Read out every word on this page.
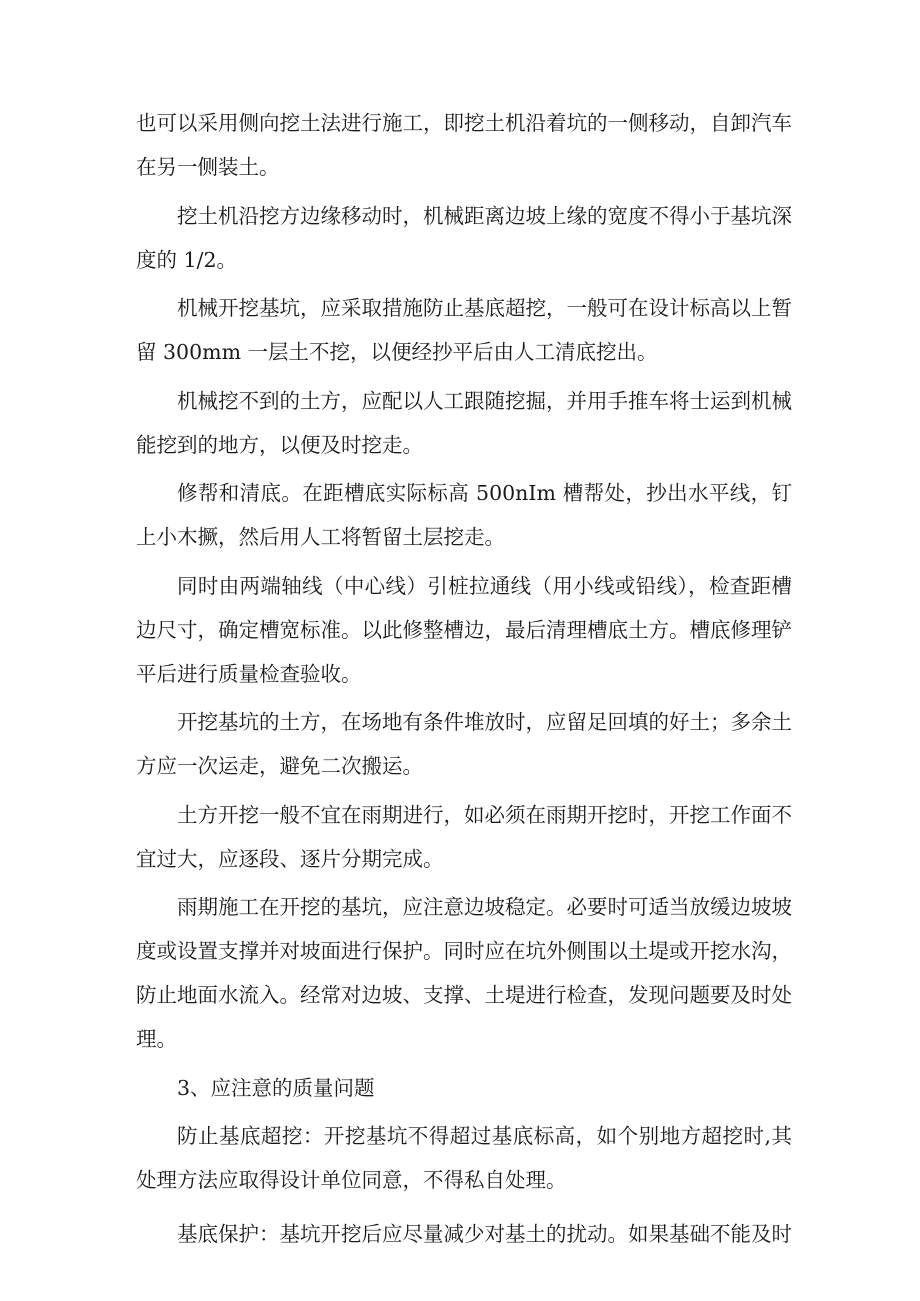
也可以采用侧向挖土法进行施工，即挖土机沿着坑的一侧移动，自卸汽车在另一侧装土。

挖土机沿挖方边缘移动时，机械距离边坡上缘的宽度不得小于基坑深度的 1/2。

机械开挖基坑，应采取措施防止基底超挖，一般可在设计标高以上暂留 300mm 一层土不挖，以便经抄平后由人工清底挖出。

机械挖不到的土方，应配以人工跟随挖掘，并用手推车将士运到机械能挖到的地方，以便及时挖走。

修帮和清底。在距槽底实际标高 500nIm 槽帮处，抄出水平线，钉上小木撅，然后用人工将暂留土层挖走。

同时由两端轴线（中心线）引桩拉通线（用小线或铅线），检查距槽边尺寸，确定槽宽标准。以此修整槽边，最后清理槽底土方。槽底修理铲平后进行质量检查验收。

开挖基坑的土方，在场地有条件堆放时，应留足回填的好土；多余土方应一次运走，避免二次搬运。

土方开挖一般不宜在雨期进行，如必须在雨期开挖时，开挖工作面不宜过大，应逐段、逐片分期完成。

雨期施工在开挖的基坑，应注意边坡稳定。必要时可适当放缓边坡坡度或设置支撑并对坡面进行保护。同时应在坑外侧围以土堤或开挖水沟，防止地面水流入。经常对边坡、支撑、土堤进行检查，发现问题要及时处理。

3、应注意的质量问题

防止基底超挖：开挖基坑不得超过基底标高，如个别地方超挖时,其处理方法应取得设计单位同意，不得私自处理。

基底保护：基坑开挖后应尽量减少对基土的扰动。如果基础不能及时
